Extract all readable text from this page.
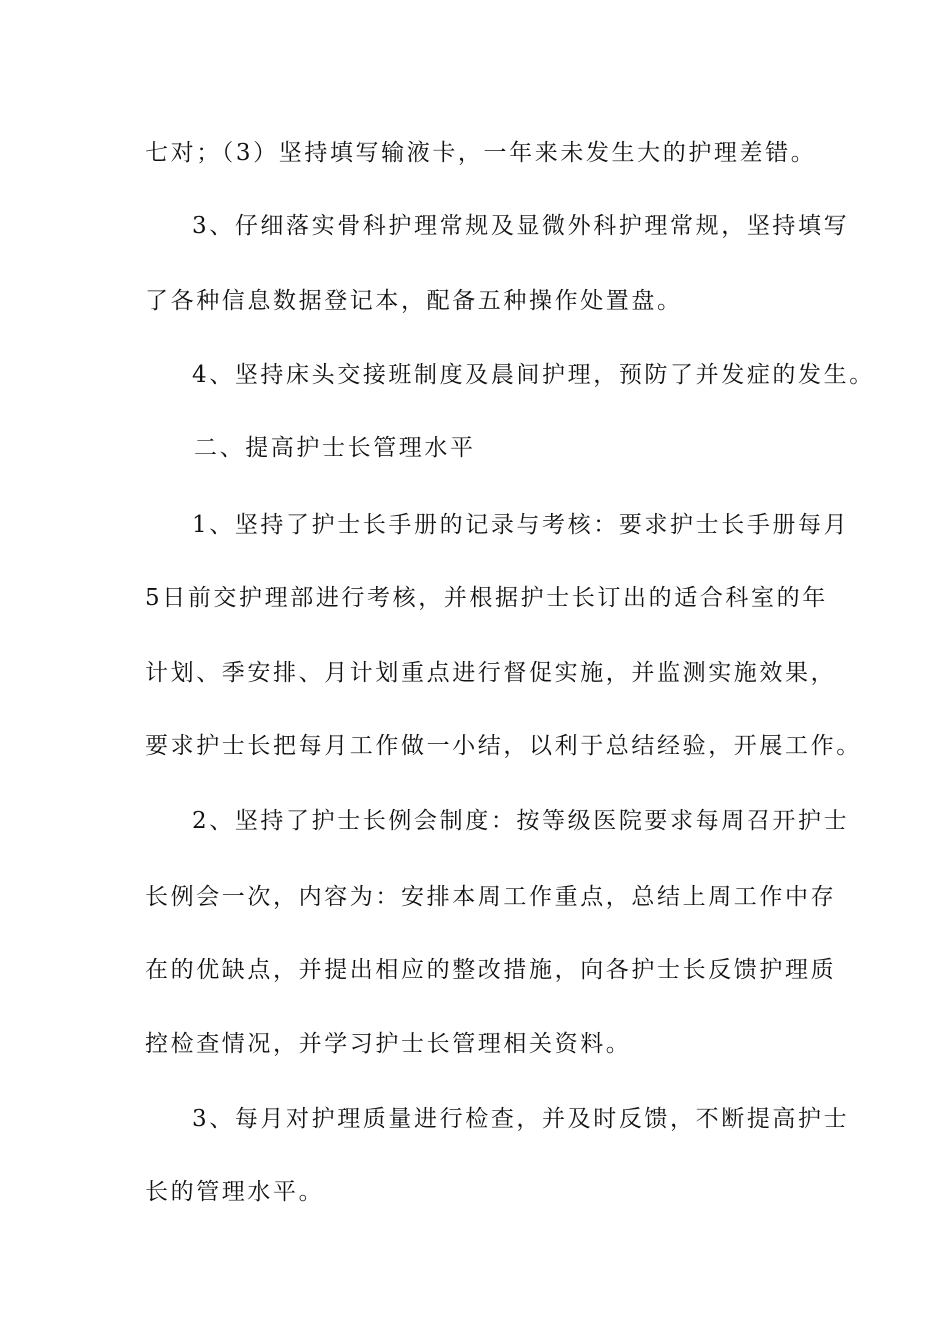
七对；（3）坚持填写输液卡，一年来未发生大的护理差错。
3、仔细落实骨科护理常规及显微外科护理常规，坚持填写
了各种信息数据登记本，配备五种操作处置盘。
4、坚持床头交接班制度及晨间护理，预防了并发症的发生。
二、提高护士长管理水平
1、坚持了护士长手册的记录与考核：要求护士长手册每月
5日前交护理部进行考核，并根据护士长订出的适合科室的年
计划、季安排、月计划重点进行督促实施，并监测实施效果，
要求护士长把每月工作做一小结，以利于总结经验，开展工作。
2、坚持了护士长例会制度：按等级医院要求每周召开护士
长例会一次，内容为：安排本周工作重点，总结上周工作中存
在的优缺点，并提出相应的整改措施，向各护士长反馈护理质
控检查情况，并学习护士长管理相关资料。
3、每月对护理质量进行检查，并及时反馈，不断提高护士
长的管理水平。
